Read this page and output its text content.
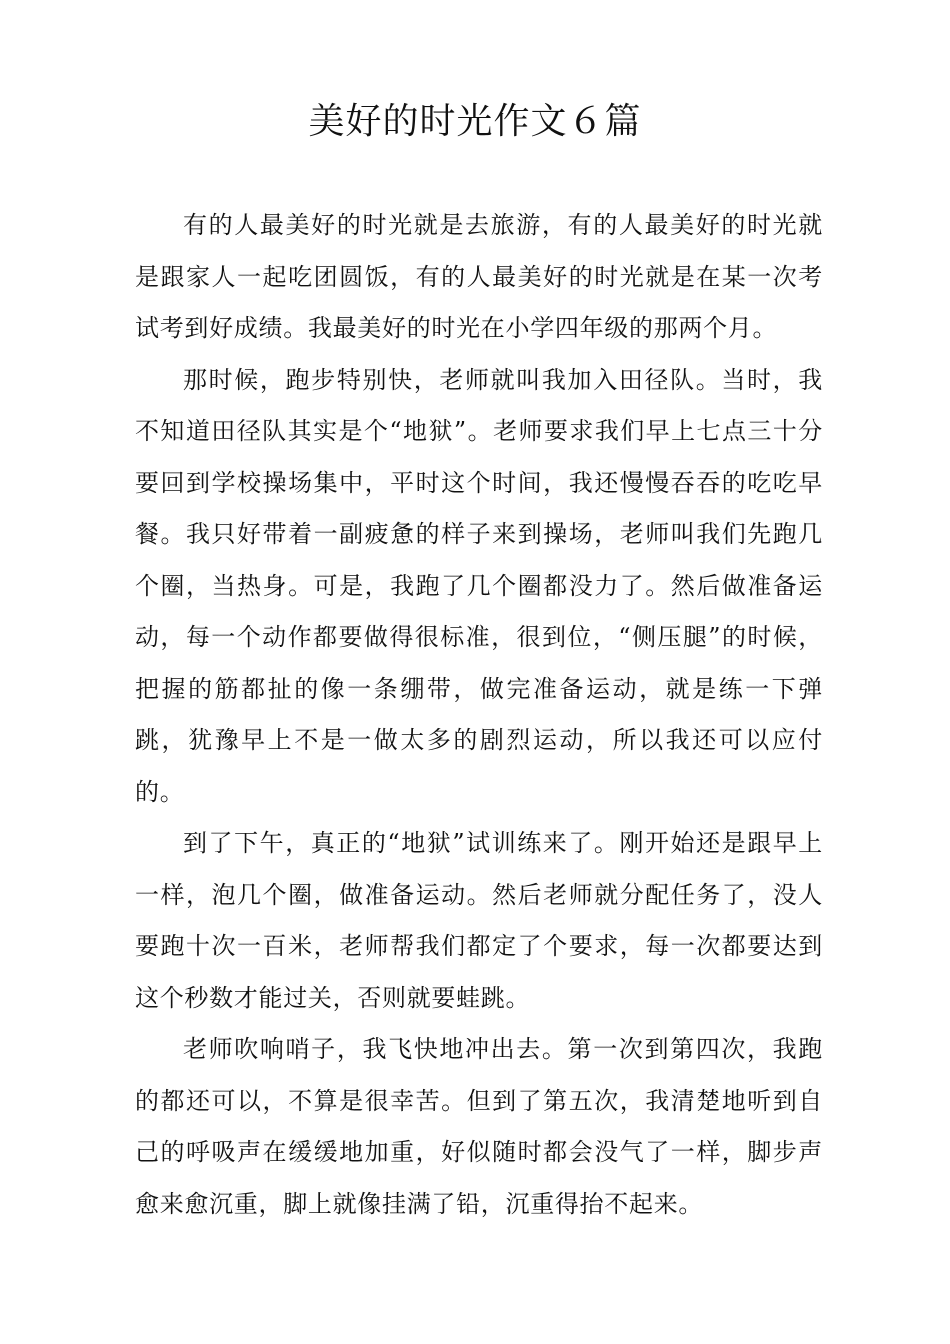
美好的时光作文６篇

有的人最美好的时光就是去旅游，有的人最美好的时光就是跟家人一起吃团圆饭，有的人最美好的时光就是在某一次考试考到好成绩。我最美好的时光在小学四年级的那两个月。

那时候，跑步特别快，老师就叫我加入田径队。当时，我不知道田径队其实是个“地狱”。老师要求我们早上七点三十分要回到学校操场集中，平时这个时间，我还慢慢吞吞的吃吃早餐。我只好带着一副疲惫的样子来到操场，老师叫我们先跑几个圈，当热身。可是，我跑了几个圈都没力了。然后做准备运动，每一个动作都要做得很标准，很到位，“侧压腿”的时候，把握的筋都扯的像一条绷带，做完准备运动，就是练一下弹跳，犹豫早上不是一做太多的剧烈运动，所以我还可以应付的。

到了下午，真正的“地狱”试训练来了。刚开始还是跟早上一样，泡几个圈，做准备运动。然后老师就分配任务了，没人要跑十次一百米，老师帮我们都定了个要求，每一次都要达到这个秒数才能过关，否则就要蛙跳。

老师吹响哨子，我飞快地冲出去。第一次到第四次，我跑的都还可以，不算是很幸苦。但到了第五次，我清楚地听到自己的呼吸声在缓缓地加重，好似随时都会没气了一样，脚步声愈来愈沉重，脚上就像挂满了铅，沉重得抬不起来。
